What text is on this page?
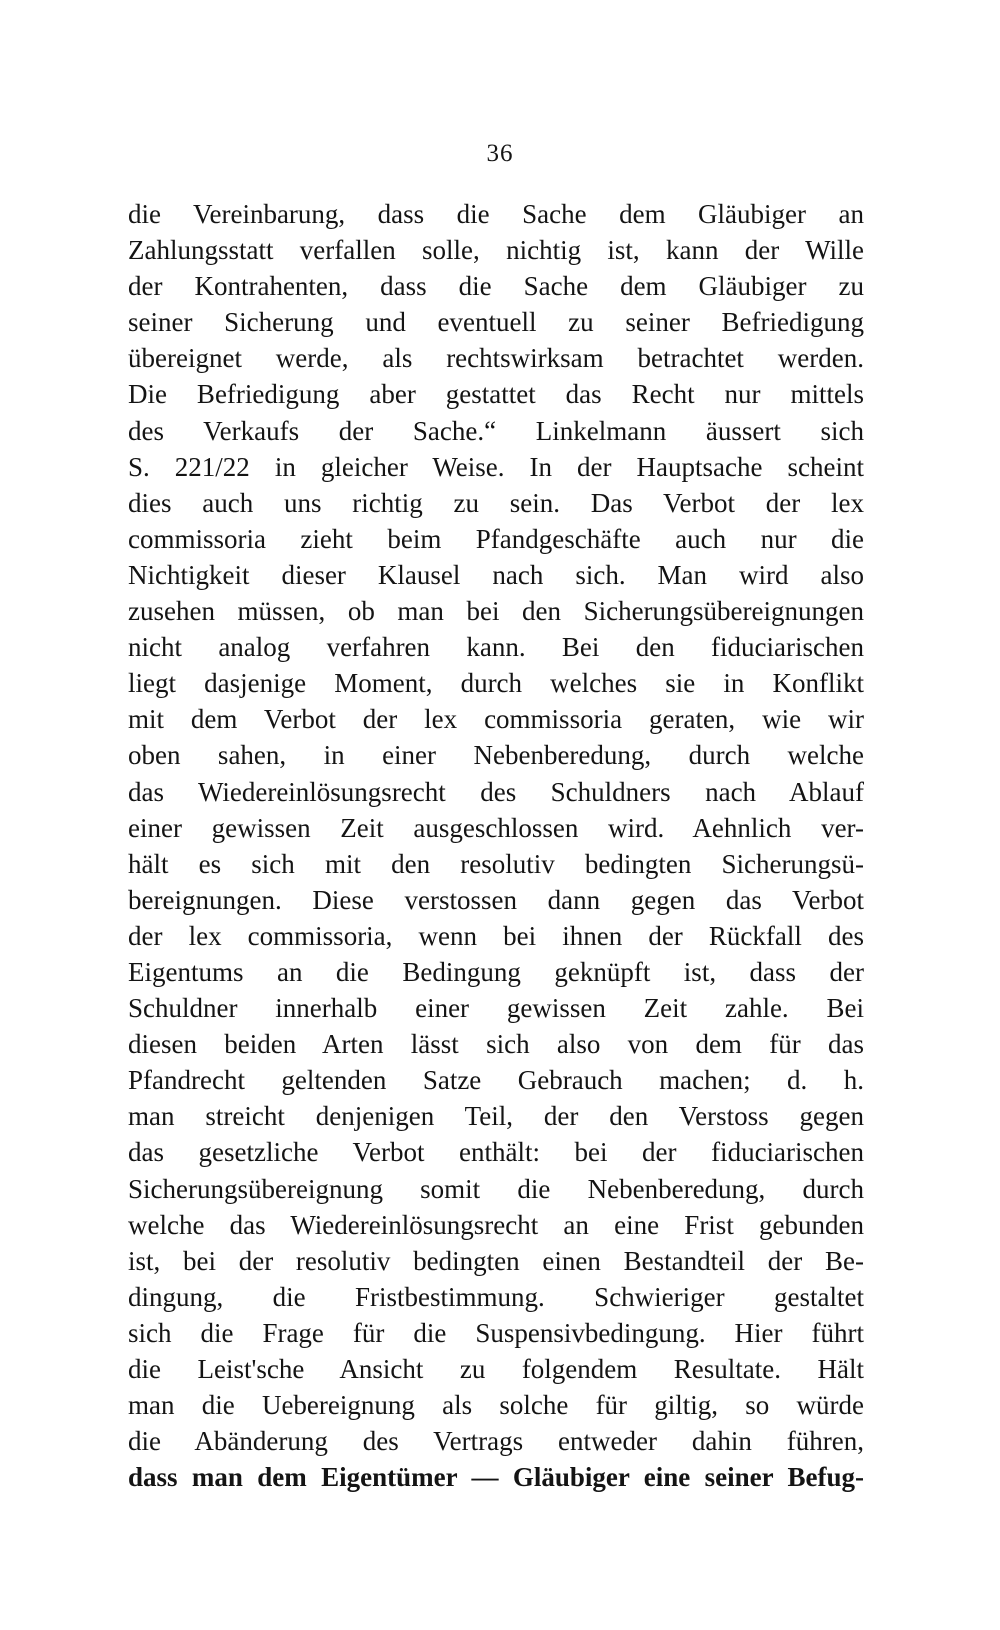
36
die Vereinbarung, dass die Sache dem Gläubiger an
Zahlungsstatt verfallen solle, nichtig ist, kann der Wille
der Kontrahenten, dass die Sache dem Gläubiger zu
seiner Sicherung und eventuell zu seiner Befriedigung
übereignet werde, als rechtswirksam betrachtet werden.
Die Befriedigung aber gestattet das Recht nur mittels
des Verkaufs der Sache.“ Linkelmann äussert sich
S. 221/22 in gleicher Weise. In der Hauptsache scheint
dies auch uns richtig zu sein. Das Verbot der lex
commissoria zieht beim Pfandgeschäfte auch nur die
Nichtigkeit dieser Klausel nach sich. Man wird also
zusehen müssen, ob man bei den Sicherungsübereignungen
nicht analog verfahren kann. Bei den fiduciarischen
liegt dasjenige Moment, durch welches sie in Konflikt
mit dem Verbot der lex commissoria geraten, wie wir
oben sahen, in einer Nebenberedung, durch welche
das Wiedereinlösungsrecht des Schuldners nach Ablauf
einer gewissen Zeit ausgeschlossen wird. Aehnlich ver-
hält es sich mit den resolutiv bedingten Sicherungsü-
bereignungen. Diese verstossen dann gegen das Verbot
der lex commissoria, wenn bei ihnen der Rückfall des
Eigentums an die Bedingung geknüpft ist, dass der
Schuldner innerhalb einer gewissen Zeit zahle. Bei
diesen beiden Arten lässt sich also von dem für das
Pfandrecht geltenden Satze Gebrauch machen; d. h.
man streicht denjenigen Teil, der den Verstoss gegen
das gesetzliche Verbot enthält: bei der fiduciarischen
Sicherungsübereignung somit die Nebenberedung, durch
welche das Wiedereinlösungsrecht an eine Frist gebunden
ist, bei der resolutiv bedingten einen Bestandteil der Be-
dingung, die Fristbestimmung. Schwieriger gestaltet
sich die Frage für die Suspensivbedingung. Hier führt
die Leist'sche Ansicht zu folgendem Resultate. Hält
man die Uebereignung als solche für giltig, so würde
die Abänderung des Vertrags entweder dahin führen,
dass man dem Eigentümer — Gläubiger eine seiner Befug-
